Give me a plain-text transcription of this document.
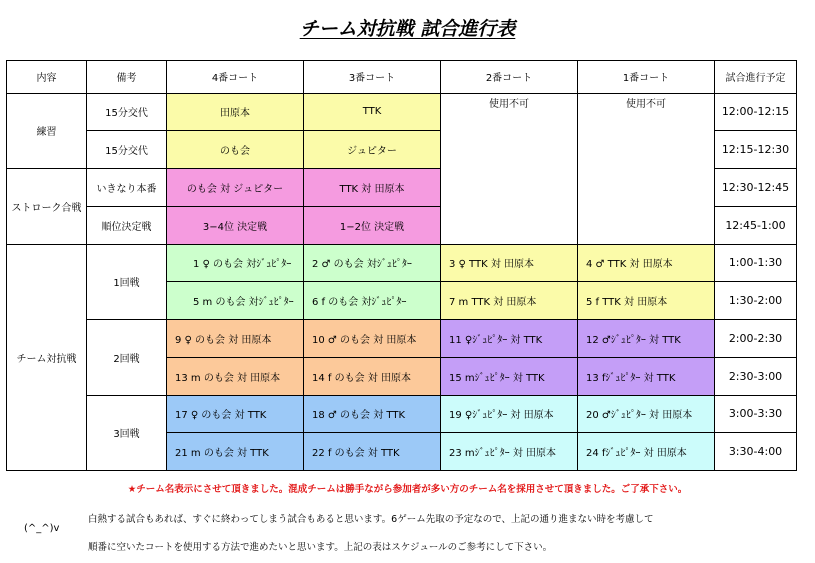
チーム対抗戦 試合進行表
内容	備考	4番コート	3番コート	2番コート	1番コート	試合進行予定
練習	15分交代	田原本	TTK	使用不可	使用不可	12:00-12:15
	15分交代	のも会	ジュピター			12:15-12:30
ストローク合戦	いきなり本番	のも会 対 ジュピター	TTK 対 田原本			12:30-12:45
	順位決定戦	3−4位 決定戦	1−2位 決定戦			12:45-1:00
チーム対抗戦	1回戦	1 ♀ のも会 対ｼﾞｭﾋﾟﾀｰ	2 ♂ のも会 対ｼﾞｭﾋﾟﾀｰ	3 ♀ TTK 対 田原本	4 ♂ TTK 対 田原本	1:00-1:30
		5 m のも会 対ｼﾞｭﾋﾟﾀｰ	6 f のも会 対ｼﾞｭﾋﾟﾀｰ	7 m TTK 対 田原本	5 f TTK 対 田原本	1:30-2:00
	2回戦	9 ♀ のも会 対 田原本	10 ♂ のも会 対 田原本	11 ♀ｼﾞｭﾋﾟﾀｰ 対 TTK	12 ♂ｼﾞｭﾋﾟﾀｰ 対 TTK	2:00-2:30
		13 m のも会 対 田原本	14 f のも会 対 田原本	15 mｼﾞｭﾋﾟﾀｰ 対 TTK	13 fｼﾞｭﾋﾟﾀｰ 対 TTK	2:30-3:00
	3回戦	17 ♀ のも会 対 TTK	18 ♂ のも会 対 TTK	19 ♀ｼﾞｭﾋﾟﾀｰ 対 田原本	20 ♂ｼﾞｭﾋﾟﾀｰ 対 田原本	3:00-3:30
		21 m のも会 対 TTK	22 f のも会 対 TTK	23 mｼﾞｭﾋﾟﾀｰ 対 田原本	24 fｼﾞｭﾋﾟﾀｰ 対 田原本	3:30-4:00
★チーム名表示にさせて頂きました。混成チームは勝手ながら参加者が多い方のチーム名を採用させて頂きました。ご了承下さい。
白熱する試合もあれば、すぐに終わってしまう試合もあると思います。6ゲーム先取の予定なので、上記の通り進まない時を考慮して
(^_^)v
順番に空いたコートを使用する方法で進めたいと思います。上記の表はスケジュールのご参考にして下さい。
